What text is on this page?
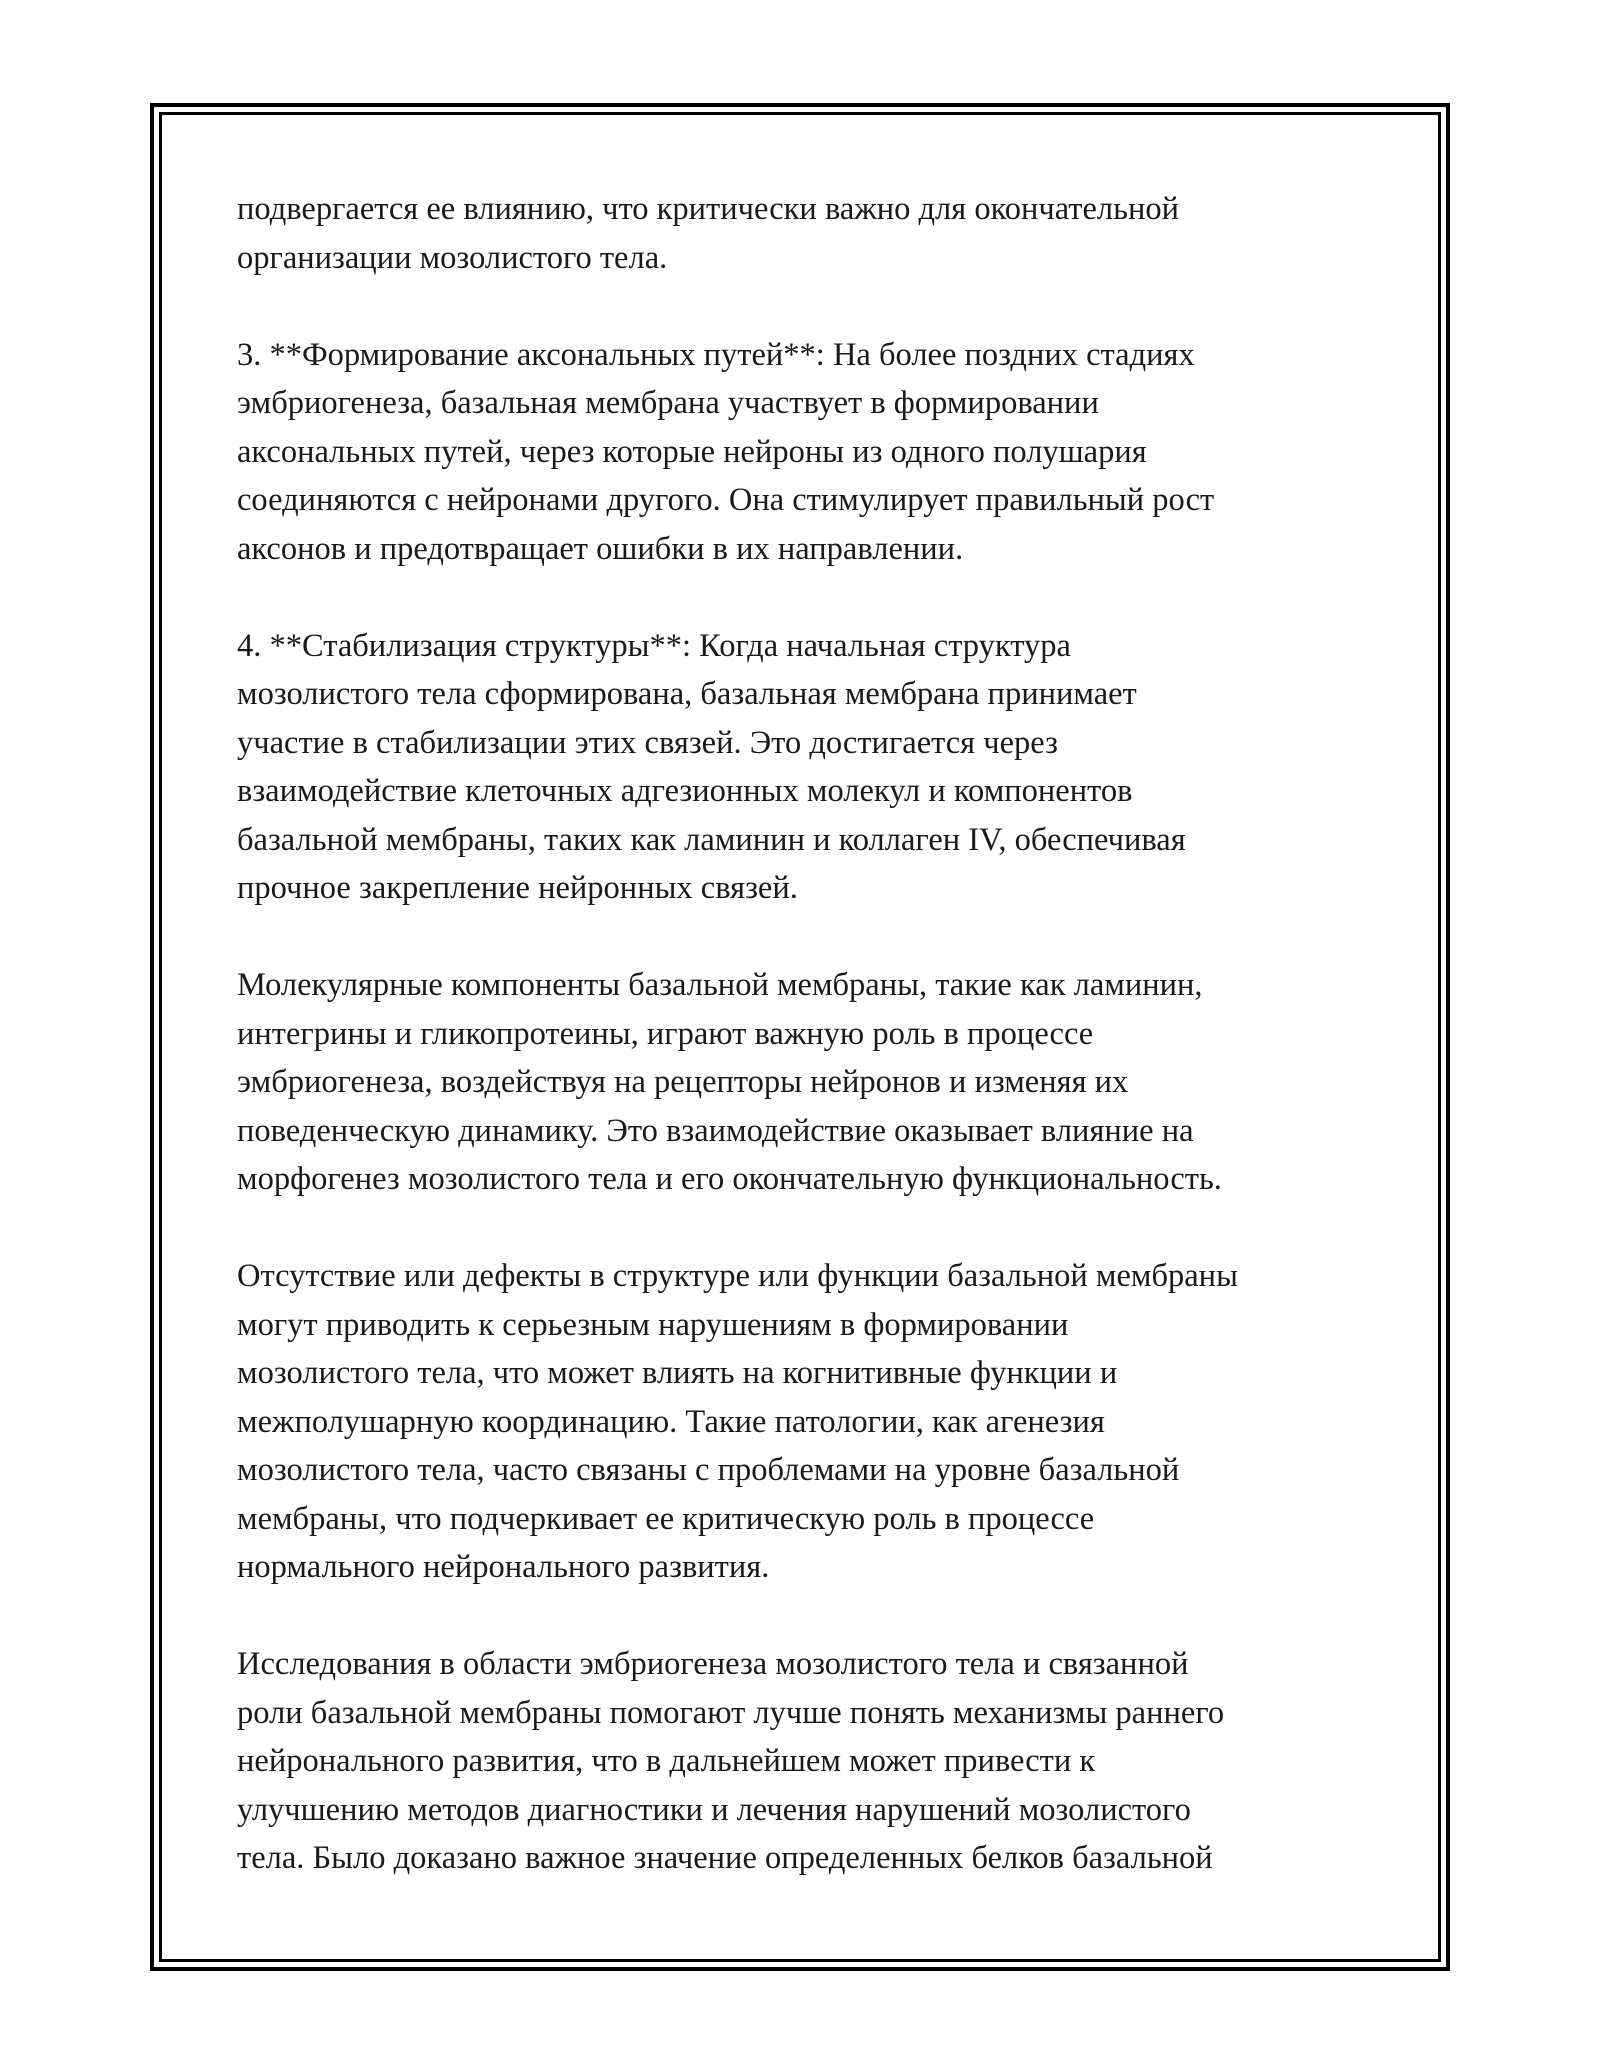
подвергается ее влиянию, что критически важно для окончательной
организации мозолистого тела.
3. **Формирование аксональных путей**: На более поздних стадиях
эмбриогенеза, базальная мембрана участвует в формировании
аксональных путей, через которые нейроны из одного полушария
соединяются с нейронами другого. Она стимулирует правильный рост
аксонов и предотвращает ошибки в их направлении.
4. **Стабилизация структуры**: Когда начальная структура
мозолистого тела сформирована, базальная мембрана принимает
участие в стабилизации этих связей. Это достигается через
взаимодействие клеточных адгезионных молекул и компонентов
базальной мембраны, таких как ламинин и коллаген IV, обеспечивая
прочное закрепление нейронных связей.
Молекулярные компоненты базальной мембраны, такие как ламинин,
интегрины и гликопротеины, играют важную роль в процессе
эмбриогенеза, воздействуя на рецепторы нейронов и изменяя их
поведенческую динамику. Это взаимодействие оказывает влияние на
морфогенез мозолистого тела и его окончательную функциональность.
Отсутствие или дефекты в структуре или функции базальной мембраны
могут приводить к серьезным нарушениям в формировании
мозолистого тела, что может влиять на когнитивные функции и
межполушарную координацию. Такие патологии, как агенезия
мозолистого тела, часто связаны с проблемами на уровне базальной
мембраны, что подчеркивает ее критическую роль в процессе
нормального нейронального развития.
Исследования в области эмбриогенеза мозолистого тела и связанной
роли базальной мембраны помогают лучше понять механизмы раннего
нейронального развития, что в дальнейшем может привести к
улучшению методов диагностики и лечения нарушений мозолистого
тела. Было доказано важное значение определенных белков базальной
